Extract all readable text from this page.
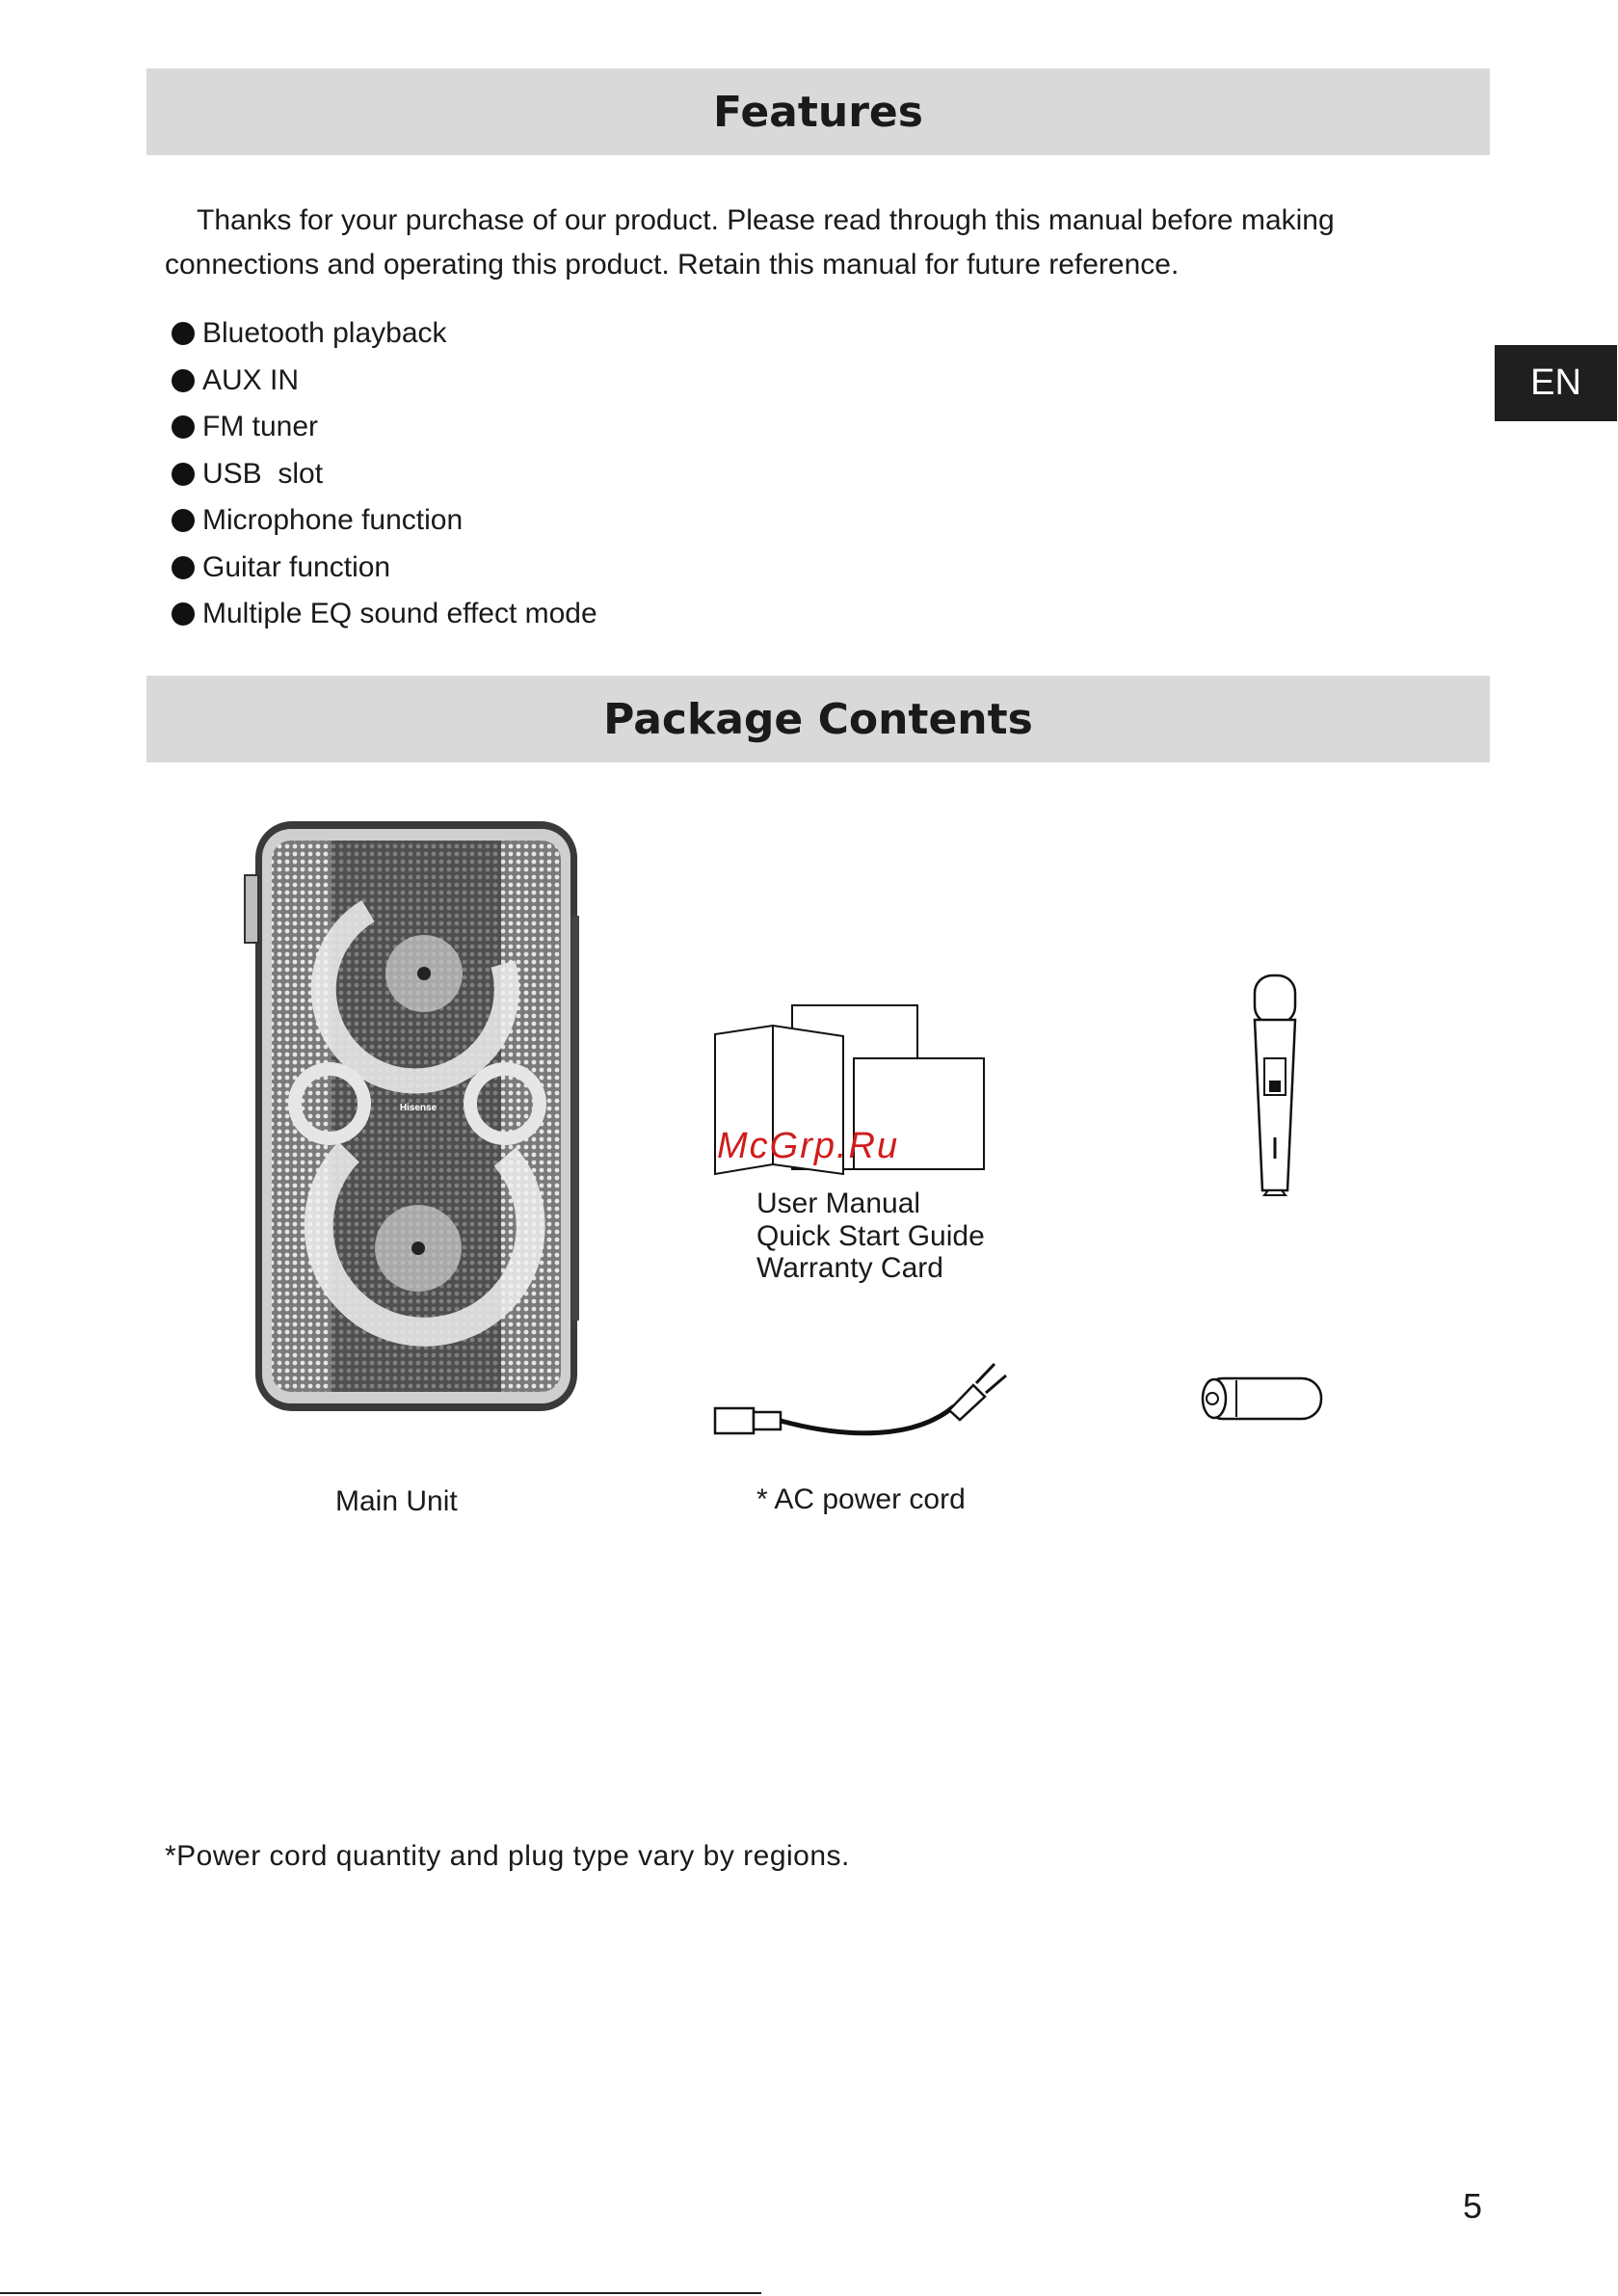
Features

Thanks for your purchase of our product. Please read through this manual before making connections and operating this product. Retain this manual for future reference.

Bluetooth playback
AUX IN
FM tuner
USB  slot
Microphone function
Guitar function
Multiple EQ sound effect mode
EN
Package Contents
Hisense

Main Unit

McGrp.Ru
User Manual
Quick Start Guide
Warranty Card

* AC power cord

*Power cord quantity and plug type vary by regions.

5
